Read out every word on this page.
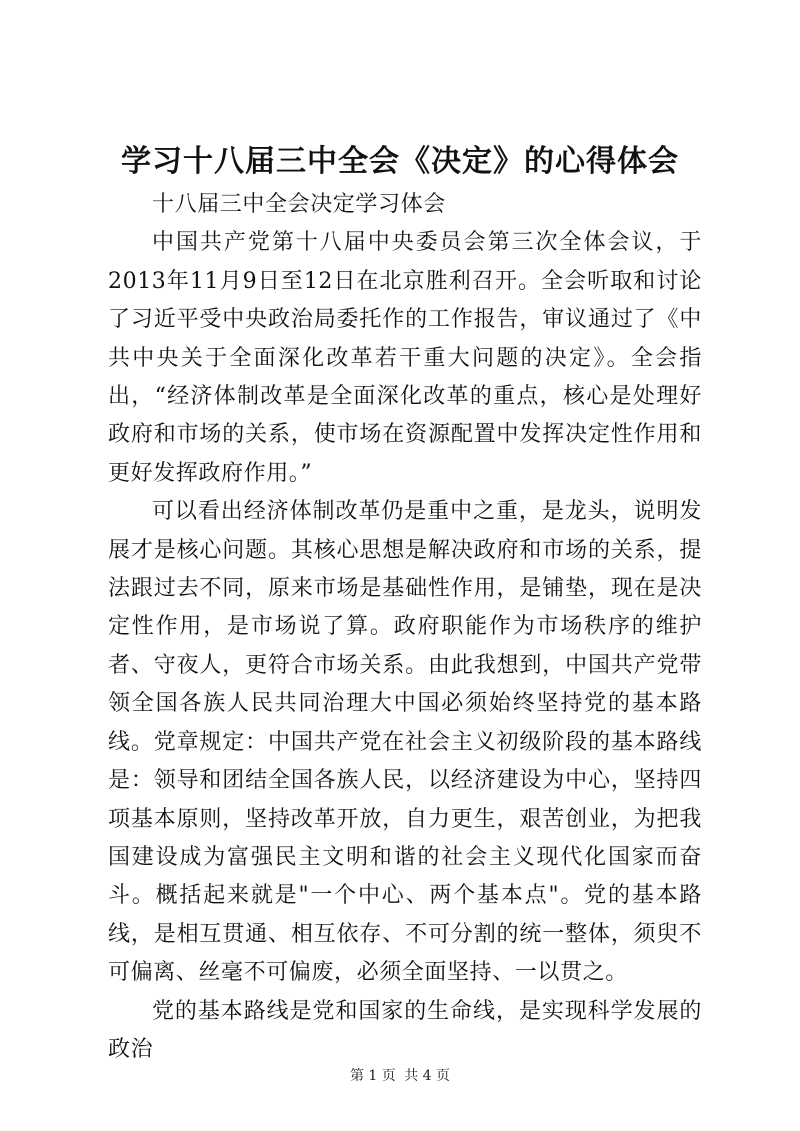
学习十八届三中全会《决定》的心得体会

十八届三中全会决定学习体会

中国共产党第十八届中央委员会第三次全体会议，于2013年11月9日至12日在北京胜利召开。全会听取和讨论了习近平受中央政治局委托作的工作报告，审议通过了《中共中央关于全面深化改革若干重大问题的决定》。全会指出，“经济体制改革是全面深化改革的重点，核心是处理好政府和市场的关系，使市场在资源配置中发挥决定性作用和更好发挥政府作用。”

可以看出经济体制改革仍是重中之重，是龙头，说明发展才是核心问题。其核心思想是解决政府和市场的关系，提法跟过去不同，原来市场是基础性作用，是铺垫，现在是决定性作用，是市场说了算。政府职能作为市场秩序的维护者、守夜人，更符合市场关系。由此我想到，中国共产党带领全国各族人民共同治理大中国必须始终坚持党的基本路线。党章规定：中国共产党在社会主义初级阶段的基本路线是：领导和团结全国各族人民，以经济建设为中心，坚持四项基本原则，坚持改革开放，自力更生，艰苦创业，为把我国建设成为富强民主文明和谐的社会主义现代化国家而奋斗。概括起来就是"一个中心、两个基本点"。党的基本路线，是相互贯通、相互依存、不可分割的统一整体，须臾不可偏离、丝毫不可偏废，必须全面坚持、一以贯之。

党的基本路线是党和国家的生命线，是实现科学发展的政治

第 1 页 共 4 页
